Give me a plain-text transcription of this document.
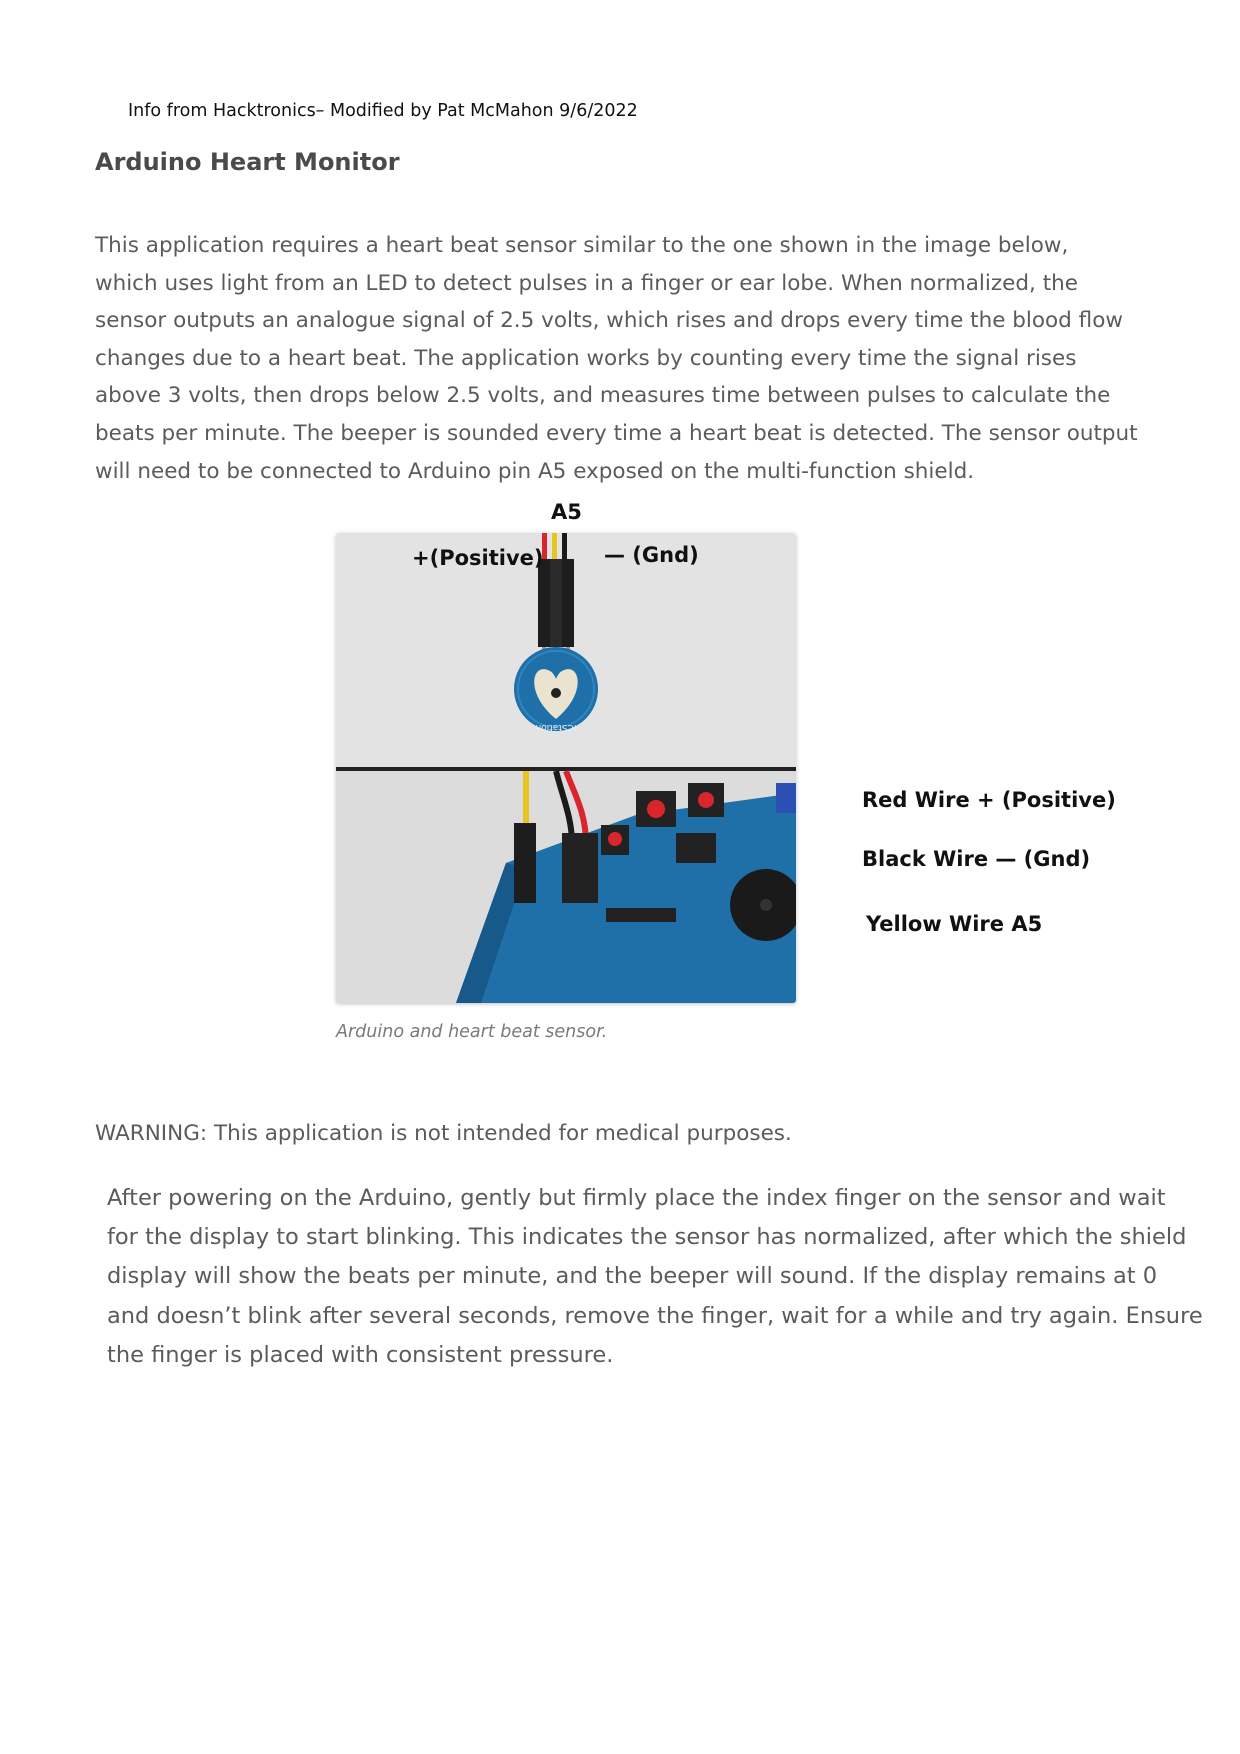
Info from Hacktronics– Modified by Pat McMahon 9/6/2022
Arduino Heart Monitor

This application requires a heart beat sensor similar to the one shown in the image below,
which uses light from an LED to detect pulses in a finger or ear lobe. When normalized, the
sensor outputs an analogue signal of 2.5 volts, which rises and drops every time the blood flow
changes due to a heart beat. The application works by counting every time the signal rises
above 3 volts, then drops below 2.5 volts, and measures time between pulses to calculate the
beats per minute. The beeper is sounded every time a heart beat is detected. The sensor output
will need to be connected to Arduino pin A5 exposed on the multi-function shield.

A5
ICStation
+(Positive)	— (Gnd)
Red Wire + (Positive)
Black Wire — (Gnd)
Yellow Wire A5
Arduino and heart beat sensor.

WARNING: This application is not intended for medical purposes.

After powering on the Arduino, gently but firmly place the index finger on the sensor and wait
for the display to start blinking. This indicates the sensor has normalized, after which the shield
display will show the beats per minute, and the beeper will sound. If the display remains at 0
and doesn’t blink after several seconds, remove the finger, wait for a while and try again. Ensure
the finger is placed with consistent pressure.
